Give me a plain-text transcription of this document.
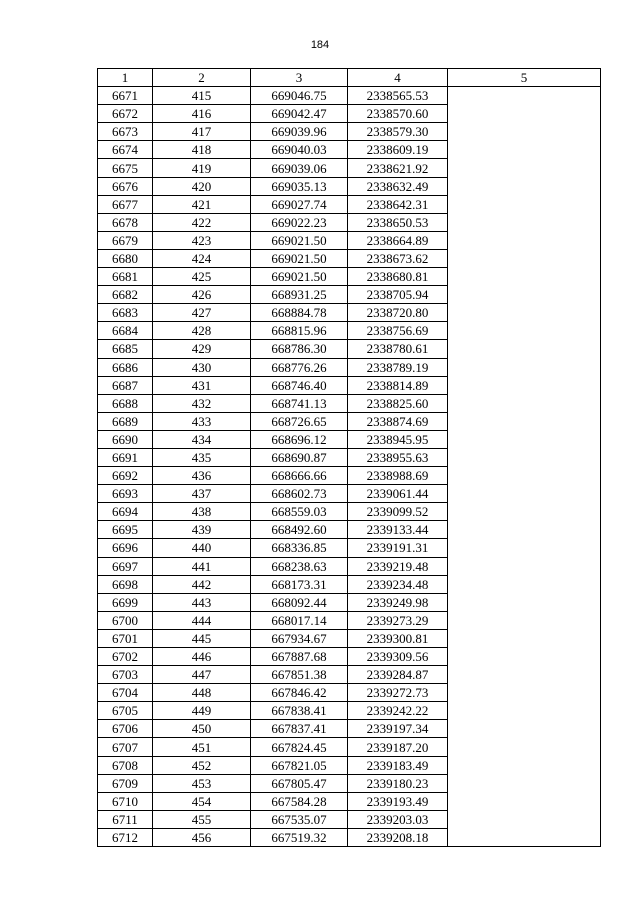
184
1	2	3	4	5
6671	415	669046.75	2338565.53	
6672	416	669042.47	2338570.60	
6673	417	669039.96	2338579.30	
6674	418	669040.03	2338609.19	
6675	419	669039.06	2338621.92	
6676	420	669035.13	2338632.49	
6677	421	669027.74	2338642.31	
6678	422	669022.23	2338650.53	
6679	423	669021.50	2338664.89	
6680	424	669021.50	2338673.62	
6681	425	669021.50	2338680.81	
6682	426	668931.25	2338705.94	
6683	427	668884.78	2338720.80	
6684	428	668815.96	2338756.69	
6685	429	668786.30	2338780.61	
6686	430	668776.26	2338789.19	
6687	431	668746.40	2338814.89	
6688	432	668741.13	2338825.60	
6689	433	668726.65	2338874.69	
6690	434	668696.12	2338945.95	
6691	435	668690.87	2338955.63	
6692	436	668666.66	2338988.69	
6693	437	668602.73	2339061.44	
6694	438	668559.03	2339099.52	
6695	439	668492.60	2339133.44	
6696	440	668336.85	2339191.31	
6697	441	668238.63	2339219.48	
6698	442	668173.31	2339234.48	
6699	443	668092.44	2339249.98	
6700	444	668017.14	2339273.29	
6701	445	667934.67	2339300.81	
6702	446	667887.68	2339309.56	
6703	447	667851.38	2339284.87	
6704	448	667846.42	2339272.73	
6705	449	667838.41	2339242.22	
6706	450	667837.41	2339197.34	
6707	451	667824.45	2339187.20	
6708	452	667821.05	2339183.49	
6709	453	667805.47	2339180.23	
6710	454	667584.28	2339193.49	
6711	455	667535.07	2339203.03	
6712	456	667519.32	2339208.18	
